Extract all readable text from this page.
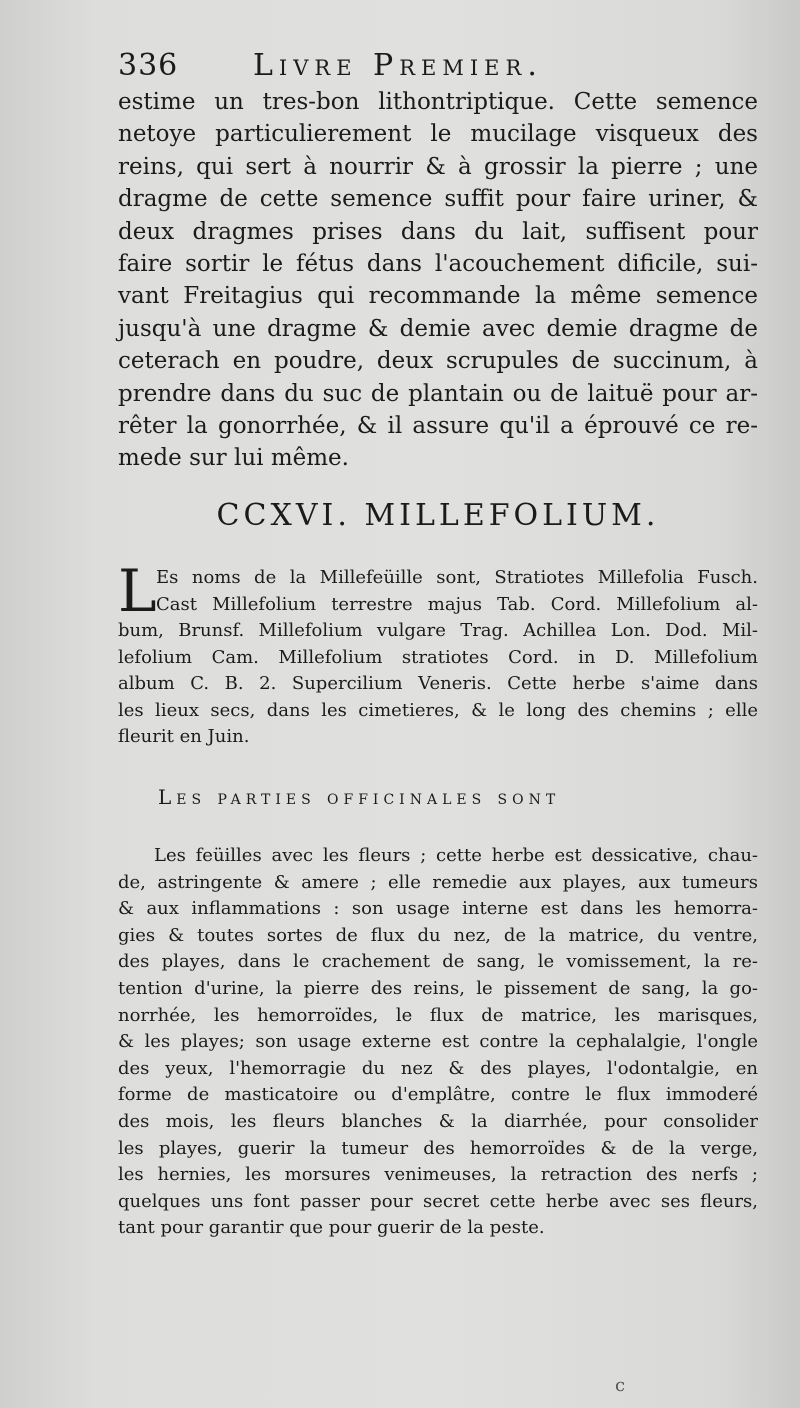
336 Livre Premier.

estime un tres-bon lithontriptique. Cette semence

netoye particulierement le mucilage visqueux des

reins, qui sert à nourrir & à grossir la pierre ; une

dragme de cette semence suffit pour faire uriner, &

deux dragmes prises dans du lait, suffisent pour

faire sortir le fétus dans l'acouchement dificile, sui-

vant Freitagius qui recommande la même semence

jusqu'à une dragme & demie avec demie dragme de

ceterach en poudre, deux scrupules de succinum, à

prendre dans du suc de plantain ou de laituë pour ar-

rêter la gonorrhée, & il assure qu'il a éprouvé ce re-

mede sur lui même.

CCXVI. MILLEFOLIUM.
L Es noms de la Millefeüille sont, Stratiotes Millefolia Fusch.

Cast Millefolium terrestre majus Tab. Cord. Millefolium al-

bum, Brunsf. Millefolium vulgare Trag. Achillea Lon. Dod. Mil-

lefolium Cam. Millefolium stratiotes Cord. in D. Millefolium

album C. B. 2. Supercilium Veneris. Cette herbe s'aime dans

les lieux secs, dans les cimetieres, & le long des chemins ; elle

fleurit en Juin.

Les parties officinales sont

Les feüilles avec les fleurs ; cette herbe est dessicative, chau-

de, astringente & amere ; elle remedie aux playes, aux tumeurs

& aux inflammations : son usage interne est dans les hemorra-

gies & toutes sortes de flux du nez, de la matrice, du ventre,

des playes, dans le crachement de sang, le vomissement, la re-

tention d'urine, la pierre des reins, le pissement de sang, la go-

norrhée, les hemorroïdes, le flux de matrice, les marisques,

& les playes; son usage externe est contre la cephalalgie, l'ongle

des yeux, l'hemorragie du nez & des playes, l'odontalgie, en

forme de masticatoire ou d'emplâtre, contre le flux immoderé

des mois, les fleurs blanches & la diarrhée, pour consolider

les playes, guerir la tumeur des hemorroïdes & de la verge,

les hernies, les morsures venimeuses, la retraction des nerfs ;

quelques uns font passer pour secret cette herbe avec ses fleurs,

tant pour garantir que pour guerir de la peste.

c
